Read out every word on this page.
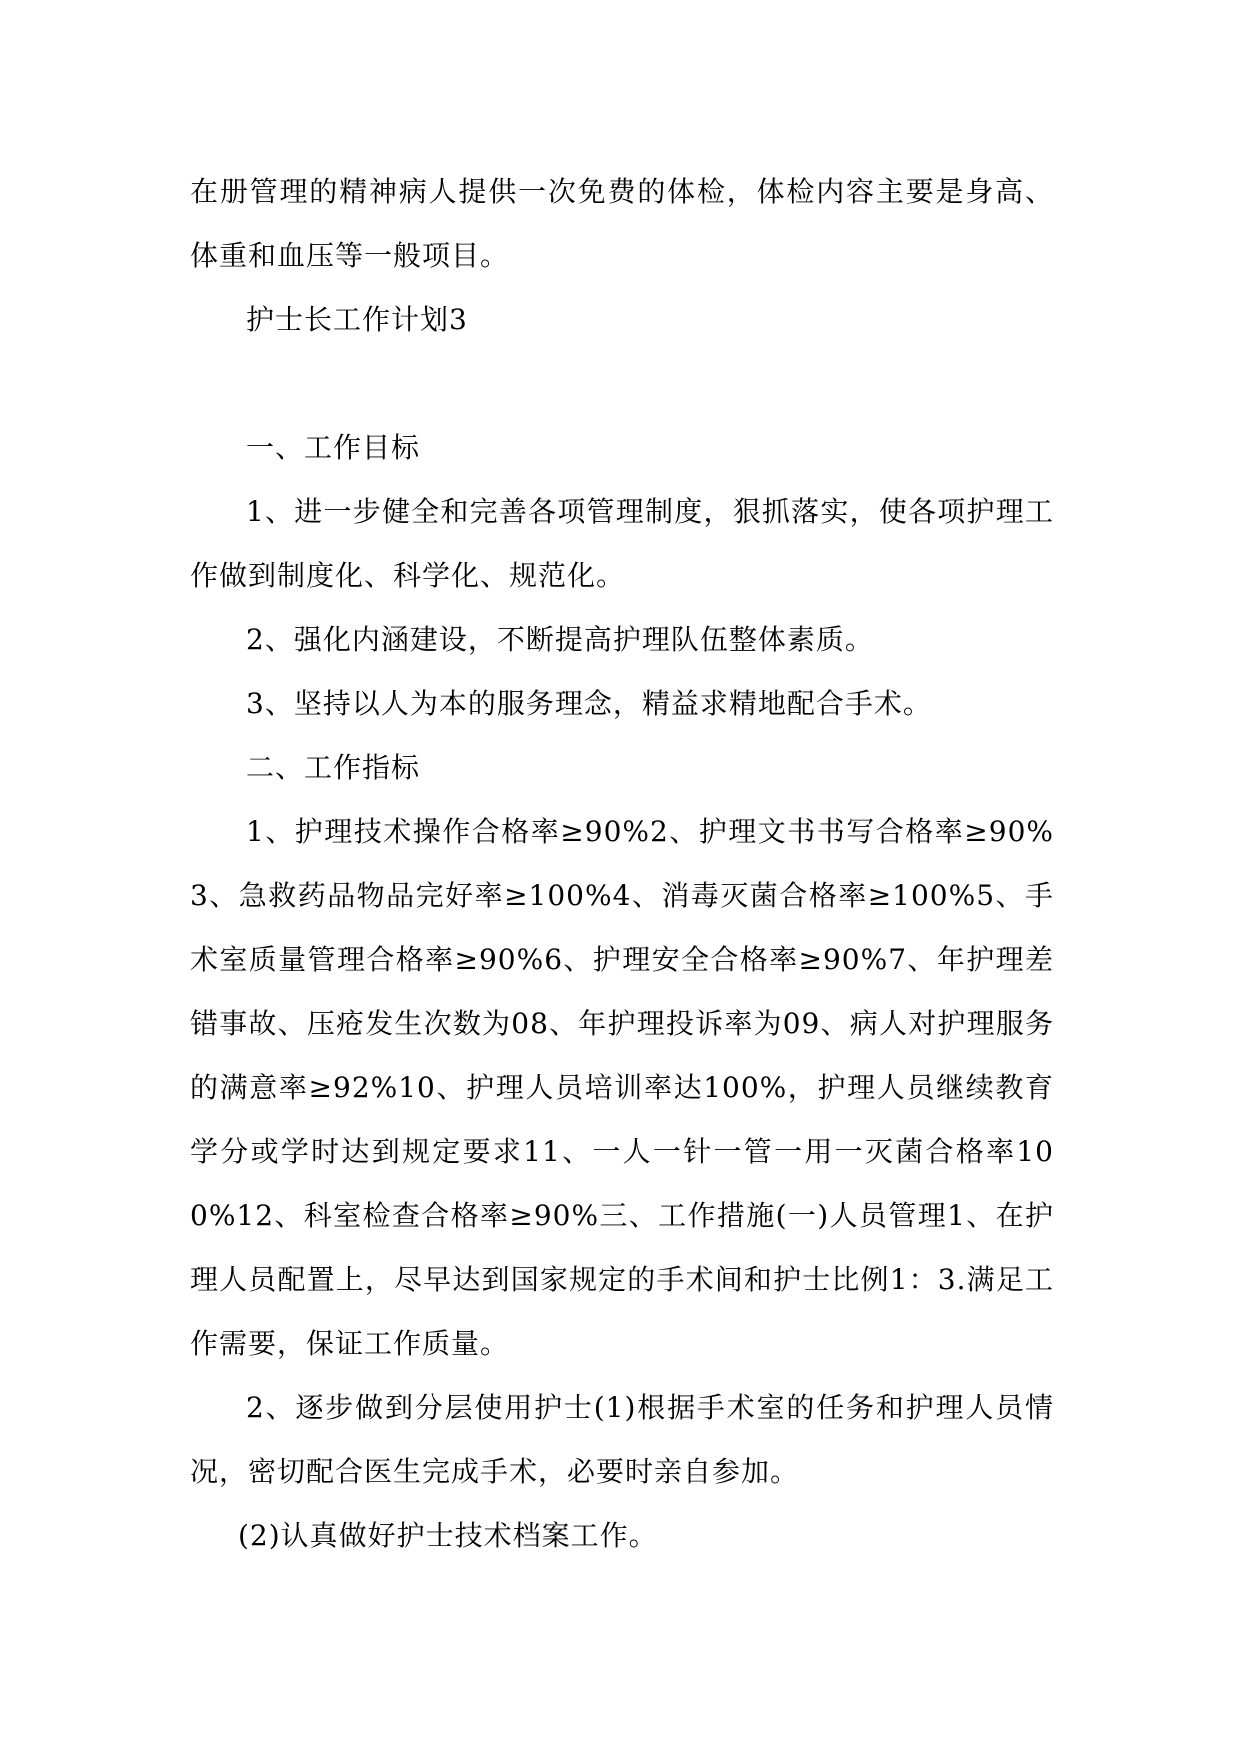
在册管理的精神病人提供一次免费的体检，体检内容主要是身高、体重和血压等一般项目。

护士长工作计划3

一、工作目标

1、进一步健全和完善各项管理制度，狠抓落实，使各项护理工作做到制度化、科学化、规范化。

2、强化内涵建设，不断提高护理队伍整体素质。

3、坚持以人为本的服务理念，精益求精地配合手术。

二、工作指标

1、护理技术操作合格率≥90%2、护理文书书写合格率≥90%3、急救药品物品完好率≥100%4、消毒灭菌合格率≥100%5、手术室质量管理合格率≥90%6、护理安全合格率≥90%7、年护理差错事故、压疮发生次数为08、年护理投诉率为09、病人对护理服务的满意率≥92%10、护理人员培训率达100%，护理人员继续教育学分或学时达到规定要求11、一人一针一管一用一灭菌合格率100%12、科室检查合格率≥90%三、工作措施(一)人员管理1、在护理人员配置上，尽早达到国家规定的手术间和护士比例1：3.满足工作需要，保证工作质量。

2、逐步做到分层使用护士(1)根据手术室的任务和护理人员情况，密切配合医生完成手术，必要时亲自参加。

(2)认真做好护士技术档案工作。
